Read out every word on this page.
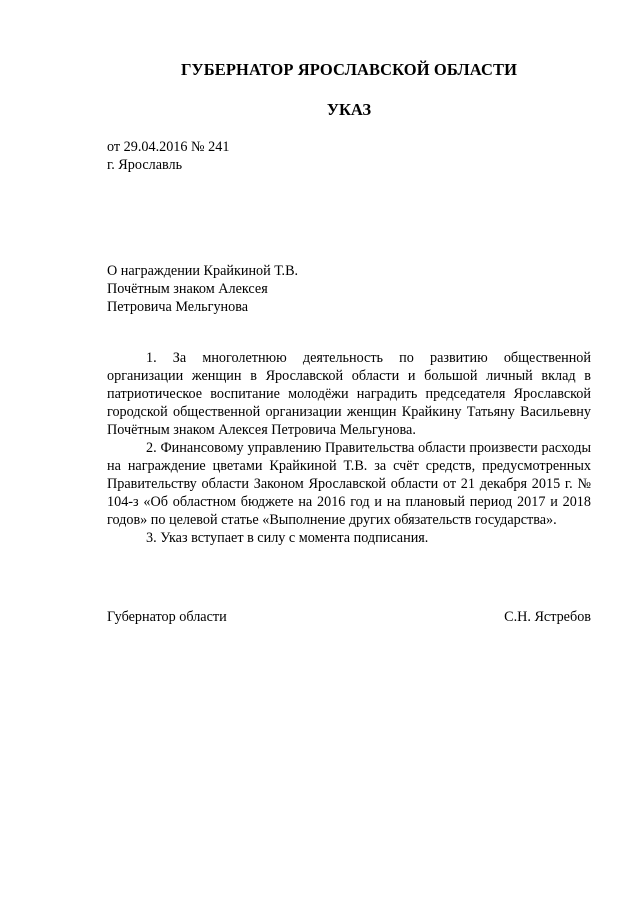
ГУБЕРНАТОР ЯРОСЛАВСКОЙ ОБЛАСТИ
УКАЗ
от 29.04.2016 № 241
г. Ярославль
О награждении Крайкиной Т.В.
Почётным знаком Алексея
Петровича Мельгунова

1. За многолетнюю деятельность по развитию общественной организации женщин в Ярославской области и большой личный вклад в патриотическое воспитание молодёжи наградить председателя Ярославской городской общественной организации женщин Крайкину Татьяну Васильевну Почётным знаком Алексея Петровича Мельгунова.

2. Финансовому управлению Правительства области произвести расходы на награждение цветами Крайкиной Т.В. за счёт средств, предусмотренных Правительству области Законом Ярославской области от 21 декабря 2015 г. № 104-з «Об областном бюджете на 2016 год и на плановый период 2017 и 2018 годов» по целевой статье «Выполнение других обязательств государства».

3. Указ вступает в силу с момента подписания.

Губернатор области	С.Н. Ястребов
